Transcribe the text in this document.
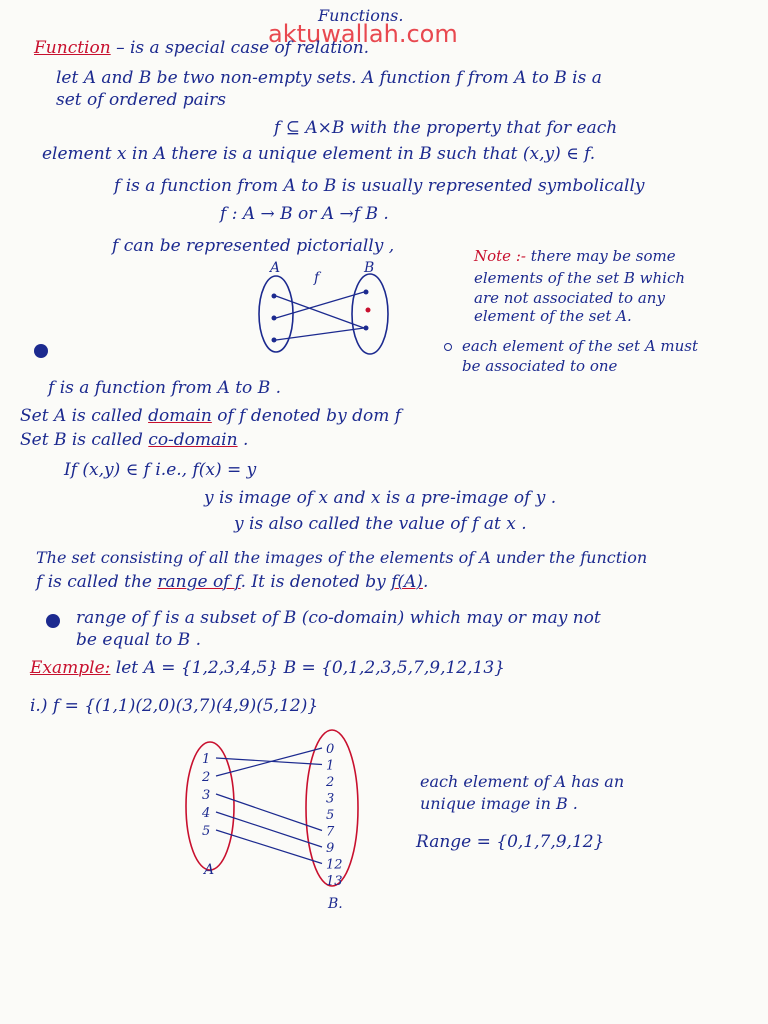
Functions.
aktuwallah.com
Function – is a special case of relation.
let A and B be two non-empty sets. A function f from A to B is a
set of ordered pairs
f ⊆ A×B with the property that for each
element x in A there is a unique element in B such that (x,y) ∈ f.
f is a function from A to B is usually represented symbolically
f : A → B or A →f B .
f can be represented pictorially ,	Note :- there may be some
elements of the set B which
are not associated to any
element of the set A.
each element of the set A must
be associated to one
A	B
f
f is a function from A to B .
Set A is called domain of f denoted by dom f
Set B is called co-domain .
If (x,y) ∈ f i.e., f(x) = y
y is image of x and x is a pre-image of y .
y is also called the value of f at x .
The set consisting of all the images of the elements of A under the function
f is called the range of f. It is denoted by f(A).
range of f is a subset of B (co-domain) which may or may not
be equal to B .
Example: let A = {1,2,3,4,5} B = {0,1,2,3,5,7,9,12,13}
i.) f = {(1,1)(2,0)(3,7)(4,9)(5,12)}
1
2
3
4
5
0
1
2
3
5
7
9
12
13
A
B.
each element of A has an
unique image in B .
Range = {0,1,7,9,12}
